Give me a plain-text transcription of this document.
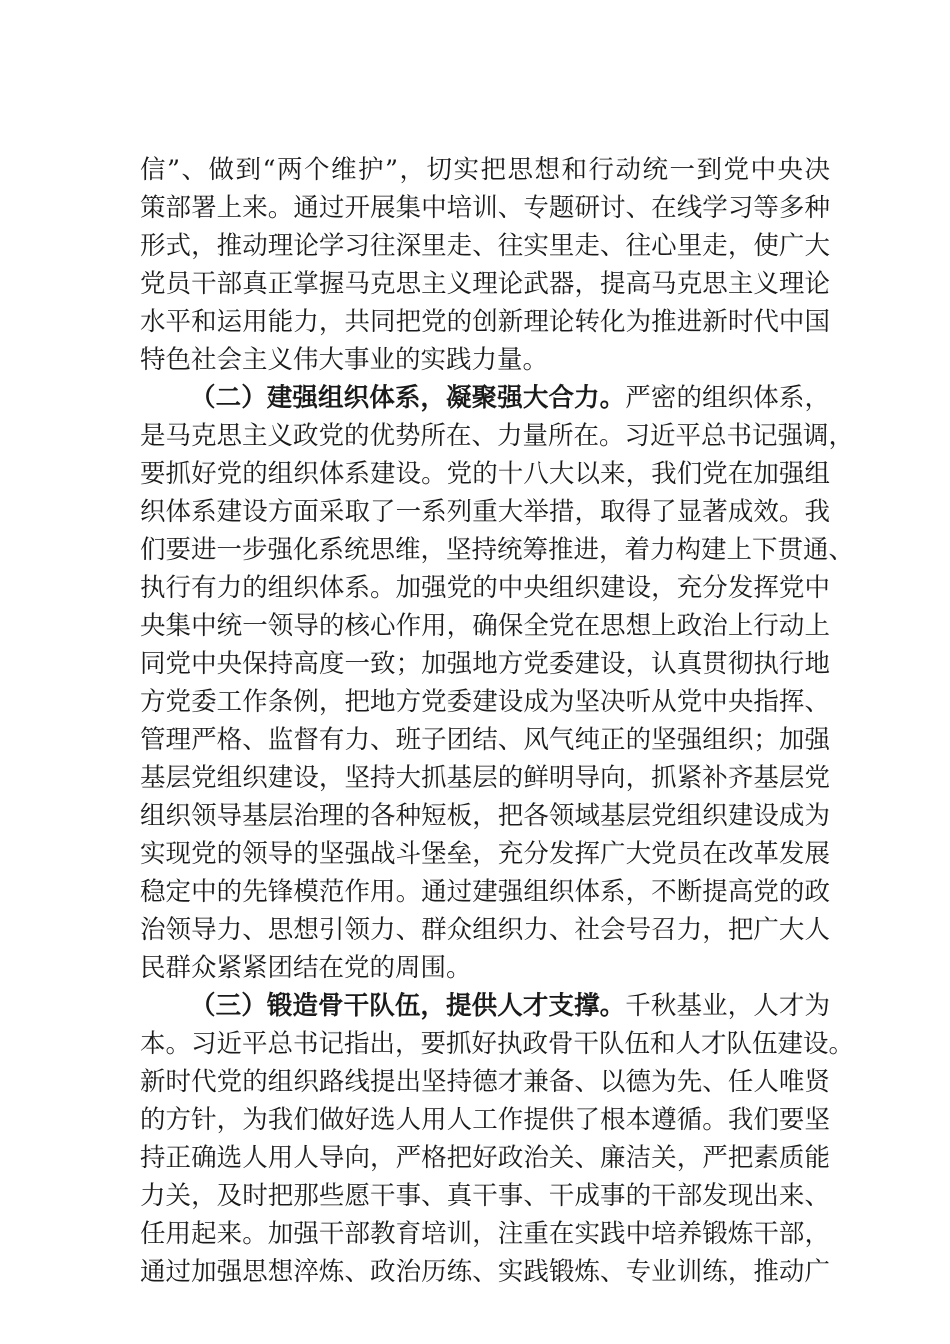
信”、做到“两个维护”，切实把思想和行动统一到党中央决
策部署上来。通过开展集中培训、专题研讨、在线学习等多种
形式，推动理论学习往深里走、往实里走、往心里走，使广大
党员干部真正掌握马克思主义理论武器，提高马克思主义理论
水平和运用能力，共同把党的创新理论转化为推进新时代中国
特色社会主义伟大事业的实践力量。
（二）建强组织体系，凝聚强大合力。严密的组织体系，
是马克思主义政党的优势所在、力量所在。习近平总书记强调，
要抓好党的组织体系建设。党的十八大以来，我们党在加强组
织体系建设方面采取了一系列重大举措，取得了显著成效。我
们要进一步强化系统思维，坚持统筹推进，着力构建上下贯通、
执行有力的组织体系。加强党的中央组织建设，充分发挥党中
央集中统一领导的核心作用，确保全党在思想上政治上行动上
同党中央保持高度一致；加强地方党委建设，认真贯彻执行地
方党委工作条例，把地方党委建设成为坚决听从党中央指挥、
管理严格、监督有力、班子团结、风气纯正的坚强组织；加强
基层党组织建设，坚持大抓基层的鲜明导向，抓紧补齐基层党
组织领导基层治理的各种短板，把各领域基层党组织建设成为
实现党的领导的坚强战斗堡垒，充分发挥广大党员在改革发展
稳定中的先锋模范作用。通过建强组织体系，不断提高党的政
治领导力、思想引领力、群众组织力、社会号召力，把广大人
民群众紧紧团结在党的周围。
（三）锻造骨干队伍，提供人才支撑。千秋基业，人才为
本。习近平总书记指出，要抓好执政骨干队伍和人才队伍建设。
新时代党的组织路线提出坚持德才兼备、以德为先、任人唯贤
的方针，为我们做好选人用人工作提供了根本遵循。我们要坚
持正确选人用人导向，严格把好政治关、廉洁关，严把素质能
力关，及时把那些愿干事、真干事、干成事的干部发现出来、
任用起来。加强干部教育培训，注重在实践中培养锻炼干部，
通过加强思想淬炼、政治历练、实践锻炼、专业训练，推动广
